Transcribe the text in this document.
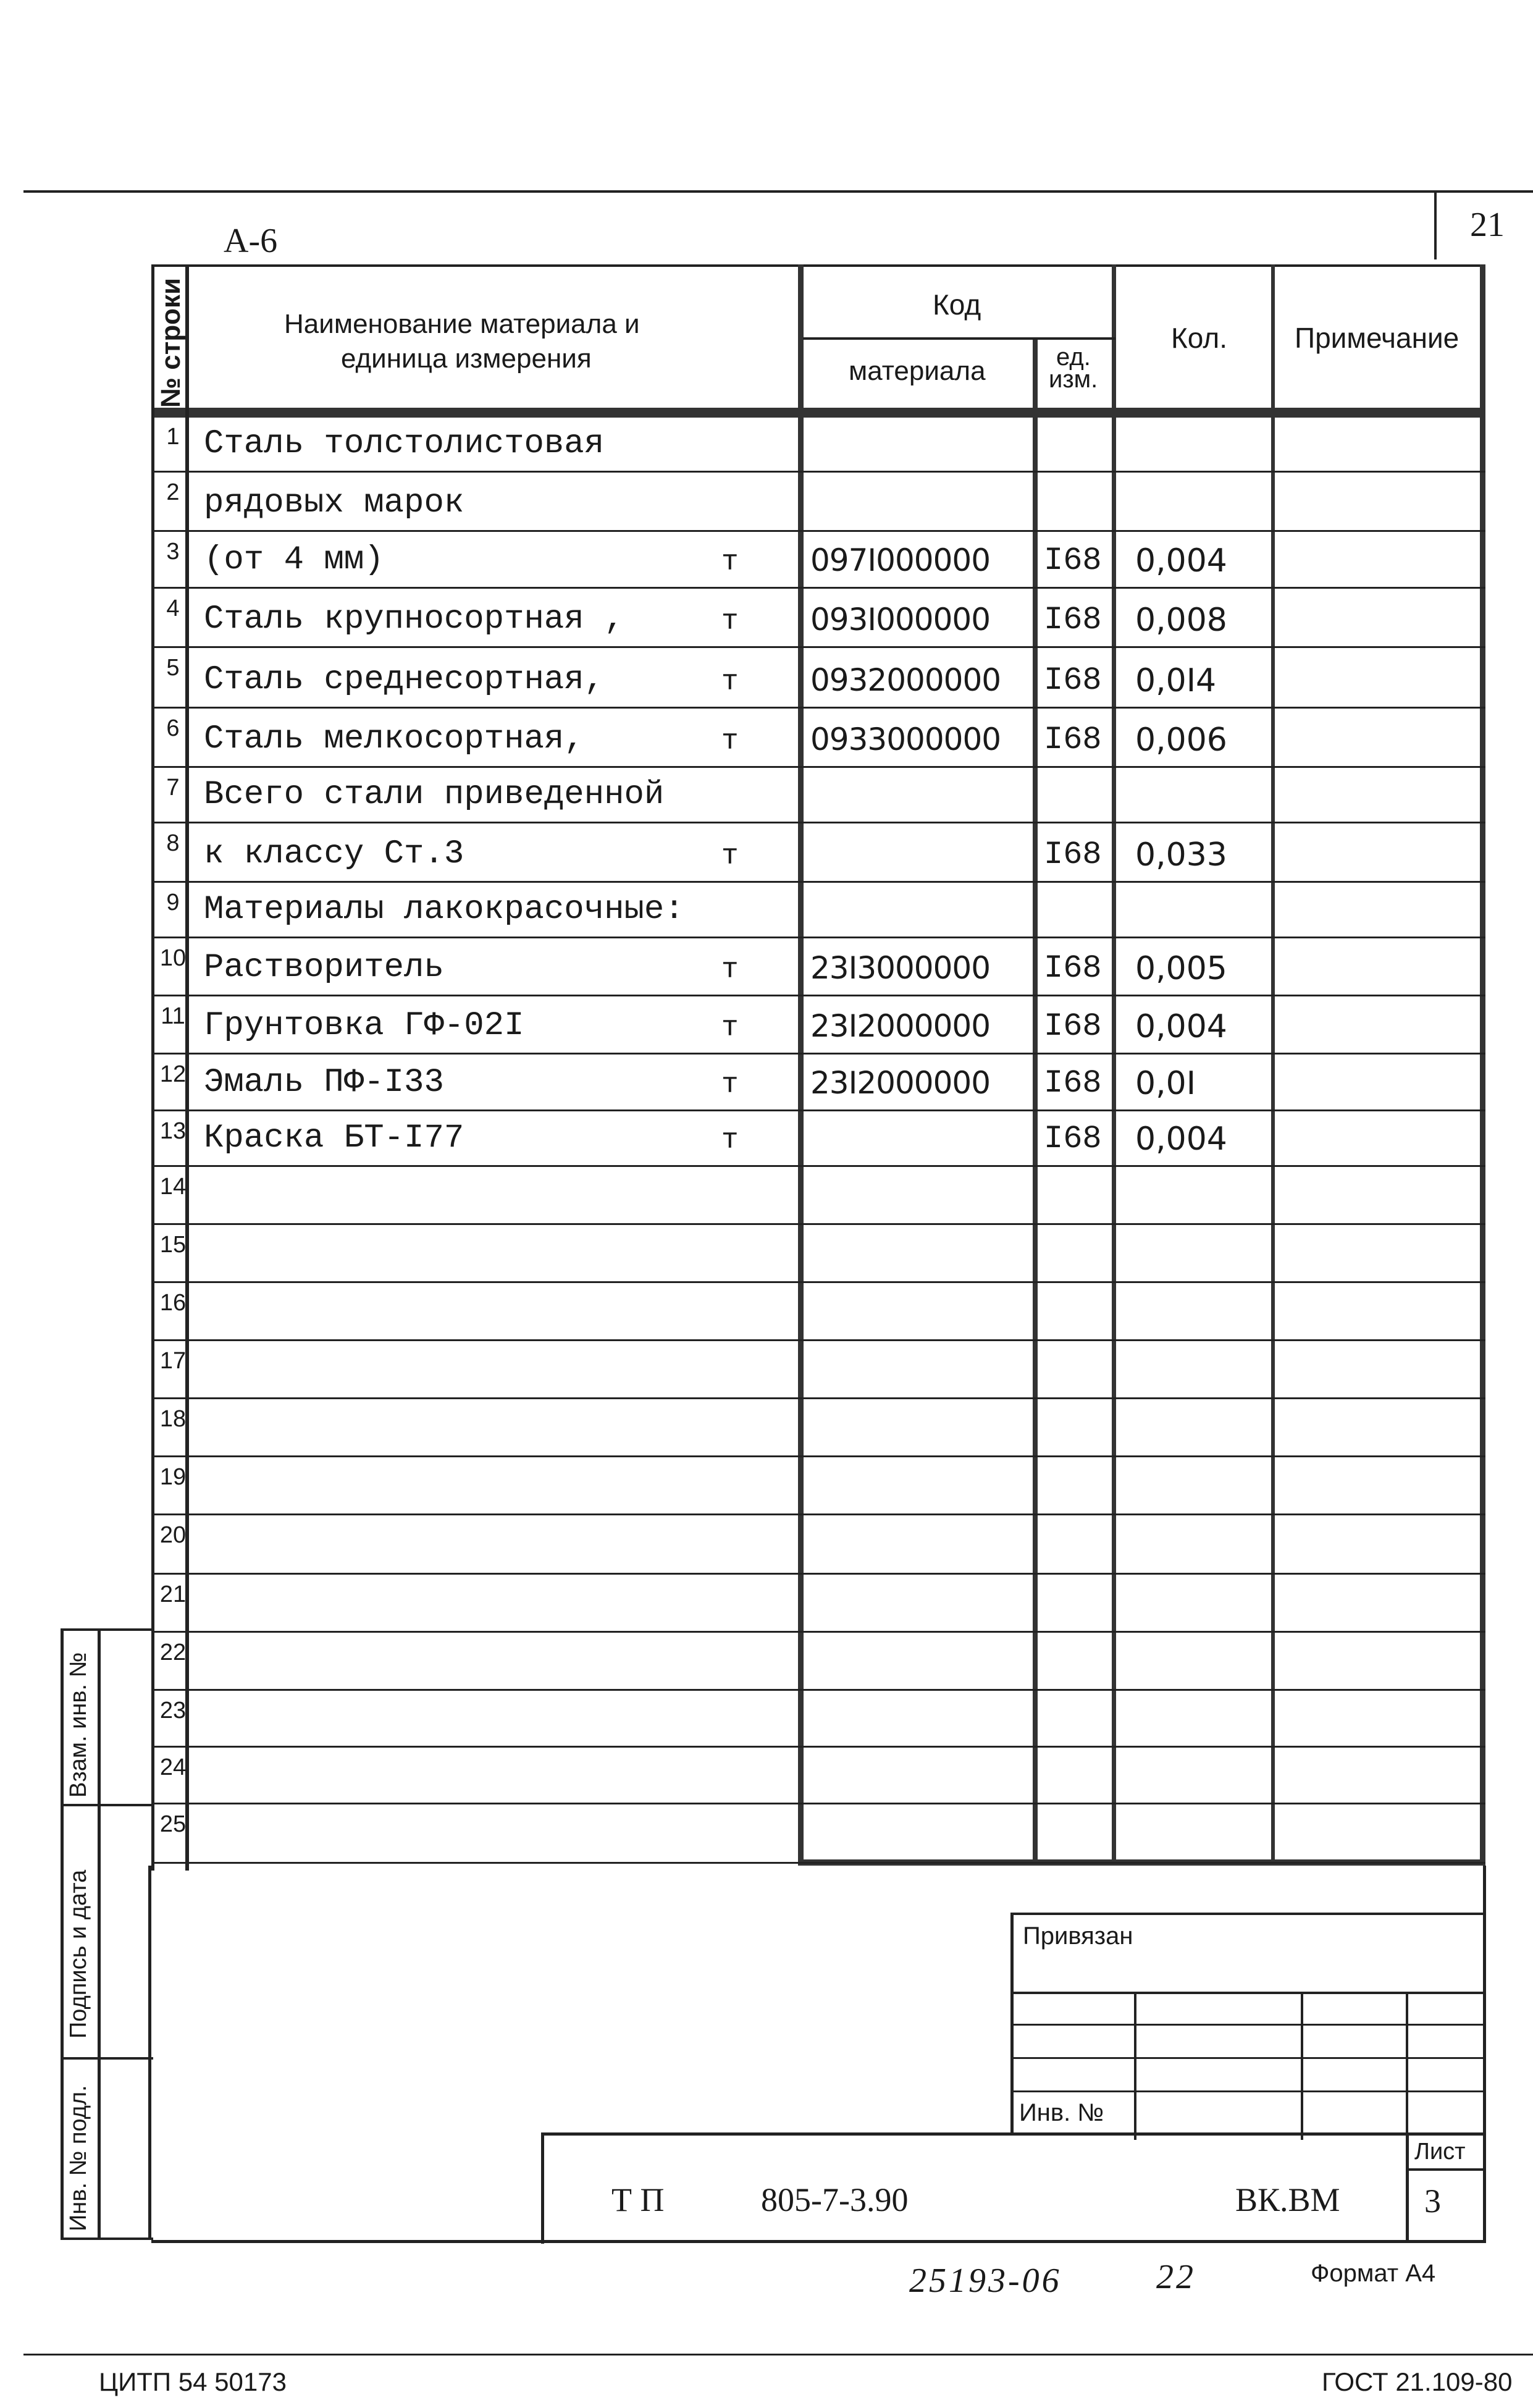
21
А-6
№ строки	Наименование материала и
единица измерения
Код
материала	ед.
изм.
Кол. Примечание
1 Сталь толстолистовая
2 рядовых марок
3 (от 4 мм)	т 097I000000 I68 0,004
4 Сталь крупносортная ,	т 093I000000 I68 0,008
5 Сталь среднесортная,	т 0932000000 I68 0,0I4
6 Сталь мелкосортная,	т 0933000000 I68 0,006
7 Всего стали приведенной
8 к классу Ст.3	т	I68 0,033
9 Материалы лакокрасочные:
10 Растворитель	т 23I3000000 I68 0,005
11 Грунтовка ГФ-02I	т 23I2000000 I68 0,004
12 Эмаль ПФ-I33	т 23I2000000 I68 0,0I
13 Краска БТ-I77	т	I68 0,004
14
15
16
17
18
19
20
21
22
23
24
25
Взам. инв. №
Подпись и дата
Инв. № подл.
Привязан
Инв. №
Лист
3
Т П	805-7-3.90	ВК.ВМ
25193-06	22	Формат А4
ЦИТП 54 50173	ГОСТ 21.109-80
